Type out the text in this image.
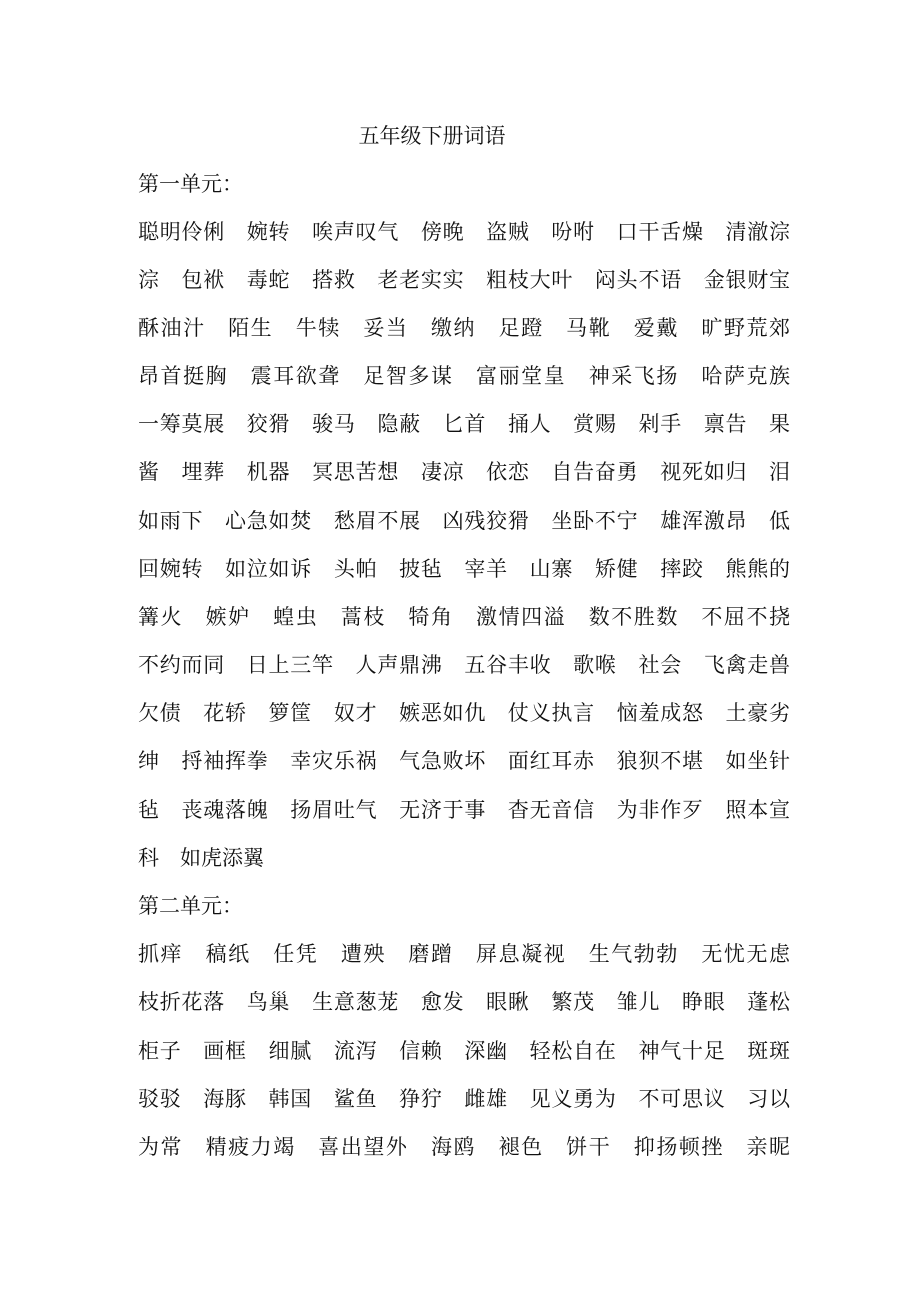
五年级下册词语
第一单元：
聪明伶俐　婉转　唉声叹气　傍晚　盗贼　吩咐　口干舌燥　清澈淙
淙　包袱　毒蛇　搭救　老老实实　粗枝大叶　闷头不语　金银财宝
酥油汁　陌生　牛犊　妥当　缴纳　足蹬　马靴　爱戴　旷野荒郊
昂首挺胸　震耳欲聋　足智多谋　富丽堂皇　神采飞扬　哈萨克族
一筹莫展　狡猾　骏马　隐蔽　匕首　捅人　赏赐　剁手　禀告　果
酱　埋葬　机器　冥思苦想　凄凉　依恋　自告奋勇　视死如归　泪
如雨下　心急如焚　愁眉不展　凶残狡猾　坐卧不宁　雄浑激昂　低
回婉转　如泣如诉　头帕　披毡　宰羊　山寨　矫健　摔跤　熊熊的
篝火　嫉妒　蝗虫　蒿枝　犄角　激情四溢　数不胜数　不屈不挠
不约而同　日上三竿　人声鼎沸　五谷丰收　歌喉　社会　飞禽走兽
欠债　花轿　箩筐　奴才　嫉恶如仇　仗义执言　恼羞成怒　土豪劣
绅　捋袖挥拳　幸灾乐祸　气急败坏　面红耳赤　狼狈不堪　如坐针
毡　丧魂落魄　扬眉吐气　无济于事　杳无音信　为非作歹　照本宣
科　如虎添翼
第二单元：
抓痒　稿纸　任凭　遭殃　磨蹭　屏息凝视　生气勃勃　无忧无虑
枝折花落　鸟巢　生意葱茏　愈发　眼瞅　繁茂　雏儿　睁眼　蓬松
柜子　画框　细腻　流泻　信赖　深幽　轻松自在　神气十足　斑斑
驳驳　海豚　韩国　鲨鱼　狰狞　雌雄　见义勇为　不可思议　习以
为常　精疲力竭　喜出望外　海鸥　褪色　饼干　抑扬顿挫　亲昵
